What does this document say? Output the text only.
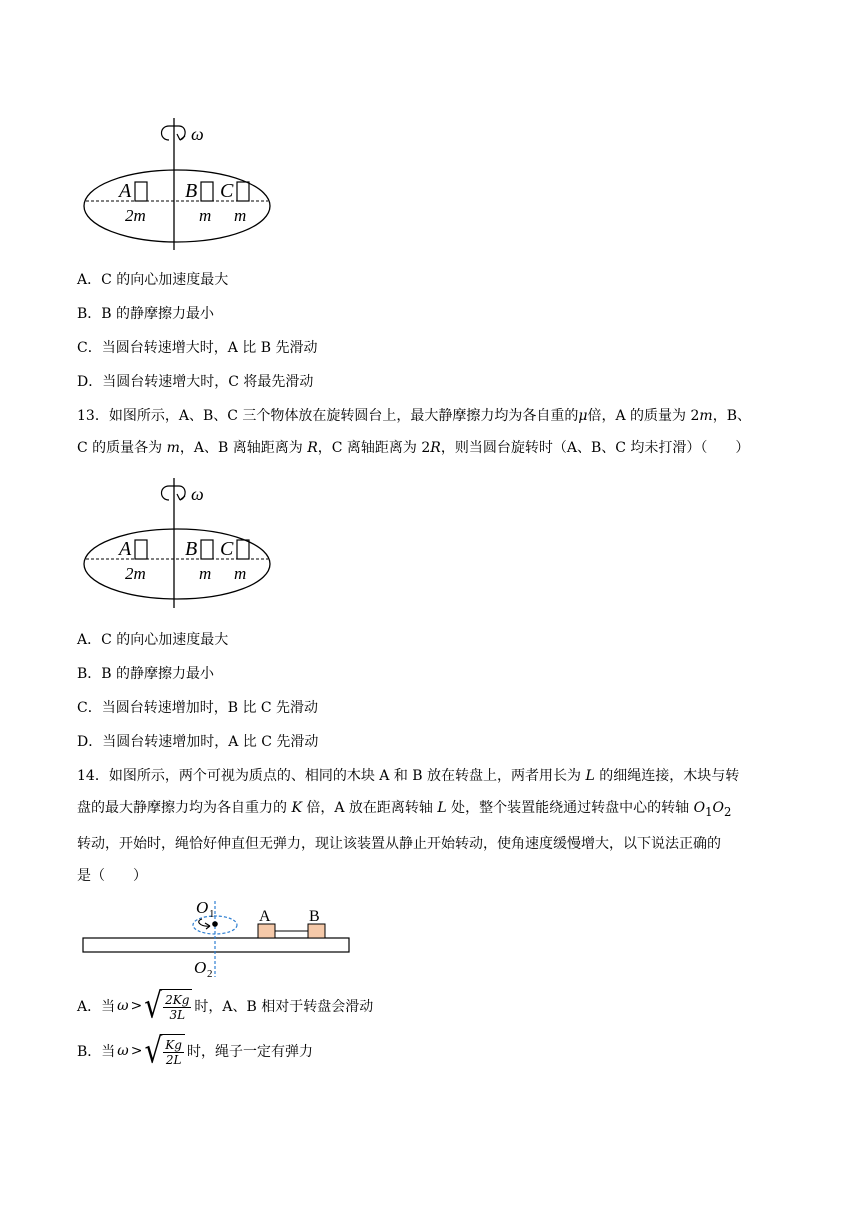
ω
A	B C
2m	m m
A．C 的向心加速度最大
B．B 的静摩擦力最小
C．当圆台转速增大时，A 比 B 先滑动
D．当圆台转速增大时，C 将最先滑动
13．如图所示，A、B、C 三个物体放在旋转圆台上，最大静摩擦力均为各自重的μ倍，A 的质量为 2m，B、
C 的质量各为 m，A、B 离轴距离为 R，C 离轴距离为 2R，则当圆台旋转时（A、B、C 均未打滑）（　　）
ω
A	B C
2m	m m
A．C 的向心加速度最大
B．B 的静摩擦力最小
C．当圆台转速增加时，B 比 C 先滑动
D．当圆台转速增加时，A 比 C 先滑动
14．如图所示，两个可视为质点的、相同的木块 A 和 B 放在转盘上，两者用长为 L 的细绳连接，木块与转
盘的最大静摩擦力均为各自重力的 K 倍，A 放在距离转轴 L 处，整个装置能绕通过转盘中心的转轴 $O_1O_2$
转动，开始时，绳恰好伸直但无弹力，现让该装置从静止开始转动，使角速度缓慢增大，以下说法正确的
是（　　）
O 1
O 2
A B
A．当 ω > √ $\frac{2Kg}{3L}$ 时，A、B 相对于转盘会滑动
B．当 ω > √ $\frac{Kg}{2L}$ 时，绳子一定有弹力
